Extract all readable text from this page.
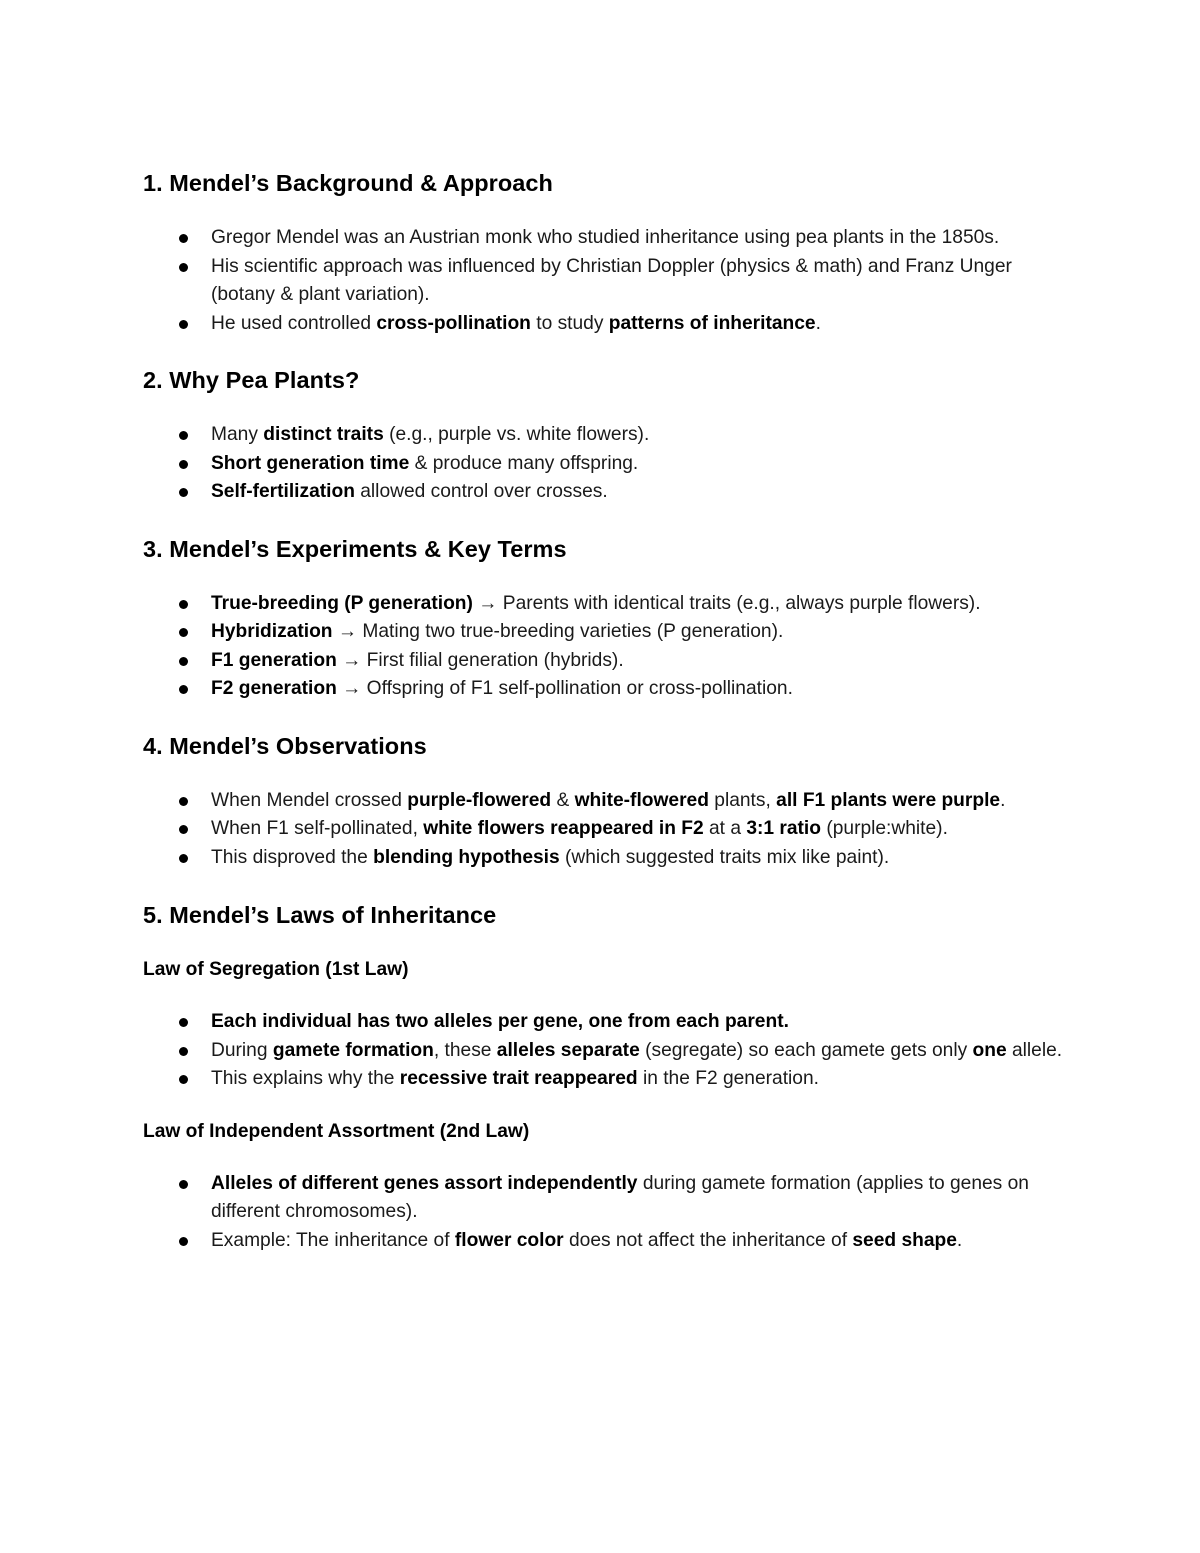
1. Mendel’s Background & Approach
Gregor Mendel was an Austrian monk who studied inheritance using pea plants in the 1850s.
His scientific approach was influenced by Christian Doppler (physics & math) and Franz Unger (botany & plant variation).
He used controlled cross-pollination to study patterns of inheritance.
2. Why Pea Plants?
Many distinct traits (e.g., purple vs. white flowers).
Short generation time & produce many offspring.
Self-fertilization allowed control over crosses.
3. Mendel’s Experiments & Key Terms
True-breeding (P generation) → Parents with identical traits (e.g., always purple flowers).
Hybridization → Mating two true-breeding varieties (P generation).
F1 generation → First filial generation (hybrids).
F2 generation → Offspring of F1 self-pollination or cross-pollination.
4. Mendel’s Observations
When Mendel crossed purple-flowered & white-flowered plants, all F1 plants were purple.
When F1 self-pollinated, white flowers reappeared in F2 at a 3:1 ratio (purple:white).
This disproved the blending hypothesis (which suggested traits mix like paint).
5. Mendel’s Laws of Inheritance
Law of Segregation (1st Law)
Each individual has two alleles per gene, one from each parent.
During gamete formation, these alleles separate (segregate) so each gamete gets only one allele.
This explains why the recessive trait reappeared in the F2 generation.
Law of Independent Assortment (2nd Law)
Alleles of different genes assort independently during gamete formation (applies to genes on different chromosomes).
Example: The inheritance of flower color does not affect the inheritance of seed shape.
